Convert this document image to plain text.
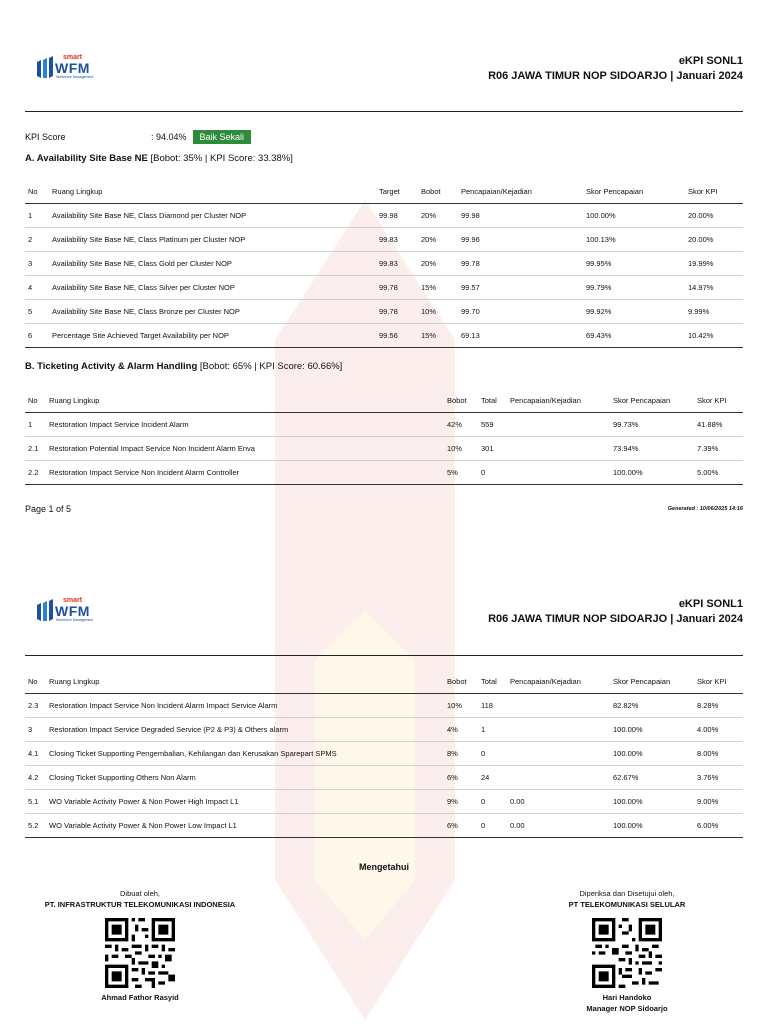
smart
WFM
Workforce Management
eKPI SONL1
R06 JAWA TIMUR NOP SIDOARJO | Januari 2024
KPI Score	: 94.04%	Baik Sekali
A. Availability Site Base NE [Bobot: 35% | KPI Score: 33.38%]
No	Ruang Lingkup	Target	Bobot	Pencapaian/Kejadian	Skor Pencapaian	Skor KPI
1	Availability Site Base NE, Class Diamond per Cluster NOP	99.98	20%	99.98	100.00%	20.00%
2	Availability Site Base NE, Class Platinum per Cluster NOP	99.83	20%	99.96	100.13%	20.00%
3	Availability Site Base NE, Class Gold per Cluster NOP	99.83	20%	99.78	99.95%	19.99%
4	Availability Site Base NE, Class Silver per Cluster NOP	99.78	15%	99.57	99.79%	14.97%
5	Availability Site Base NE, Class Bronze per Cluster NOP	99.78	10%	99.70	99.92%	9.99%
6	Percentage Site Achieved Target Availability per NOP	99.56	15%	69.13	69.43%	10.42%
B. Ticketing Activity & Alarm Handling [Bobot: 65% | KPI Score: 60.66%]
No	Ruang Lingkup	Bobot	Total	Pencapaian/Kejadian	Skor Pencapaian	Skor KPI
1	Restoration Impact Service Incident Alarm	42%	559		99.73%	41.88%
2.1	Restoration Potential Impact Service Non Incident Alarm Enva	10%	301		73.94%	7.39%
2.2	Restoration Impact Service Non Incident Alarm Controller	5%	0		100.00%	5.00%
Page 1 of 5	Generated : 10/06/2025 14:16
smart
WFM
Workforce Management
eKPI SONL1
R06 JAWA TIMUR NOP SIDOARJO | Januari 2024
No	Ruang Lingkup	Bobot	Total	Pencapaian/Kejadian	Skor Pencapaian	Skor KPI
2.3	Restoration Impact Service Non Incident Alarm Impact Service Alarm	10%	118		82.82%	8.28%
3	Restoration Impact Service Degraded Service (P2 & P3) & Others alarm	4%	1		100.00%	4.00%
4.1	Closing Ticket Supporting Pengembalian, Kehilangan dan Kerusakan Sparepart SPMS	8%	0		100.00%	8.00%
4.2	Closing Ticket Supporting Others Non Alarm	6%	24		62.67%	3.76%
5.1	WO Variable Activity Power & Non Power High Impact L1	9%	0	0.00	100.00%	9.00%
5.2	WO Variable Activity Power & Non Power Low Impact L1	6%	0	0.00	100.00%	6.00%
Mengetahui
Dibuat oleh,
PT. INFRASTRUKTUR TELEKOMUNIKASI INDONESIA
Ahmad Fathor Rasyid
Diperiksa dan Disetujui oleh,
PT TELEKOMUNIKASI SELULAR
Hari Handoko
Manager NOP Sidoarjo
